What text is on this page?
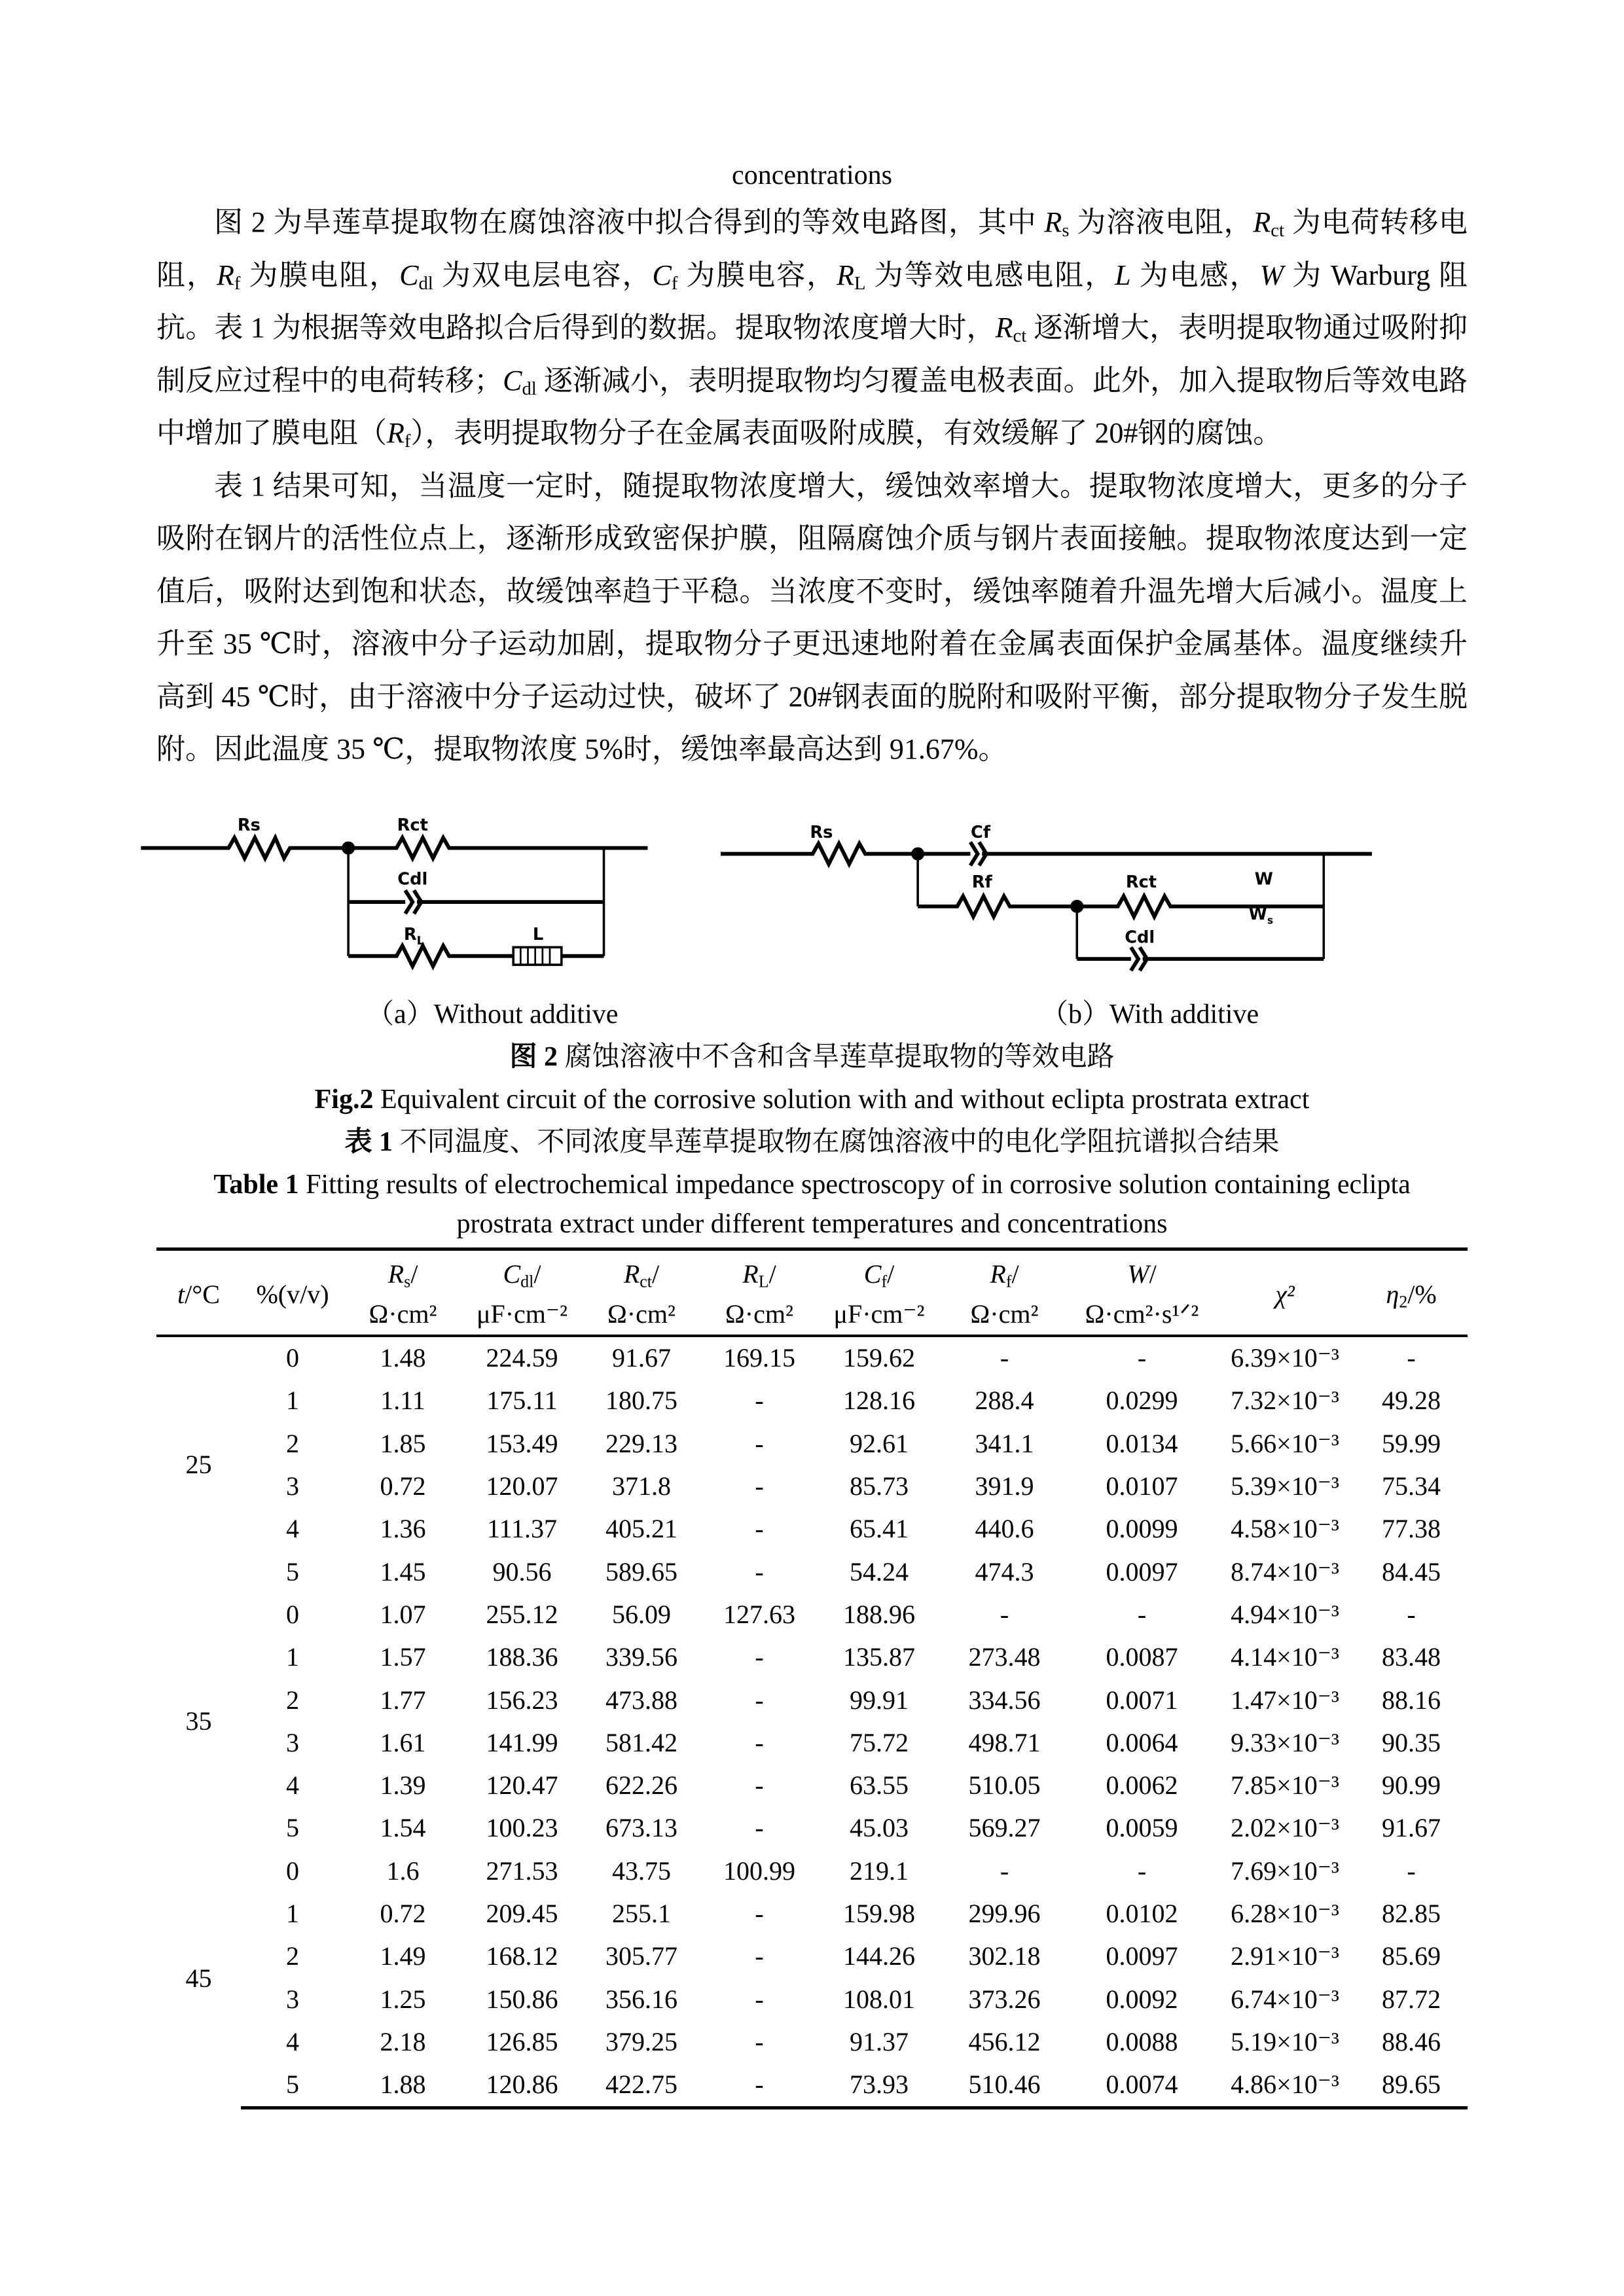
concentrations
图 2 为旱莲草提取物在腐蚀溶液中拟合得到的等效电路图，其中 $R_s$ 为溶液电阻，$R_{ct}$ 为电荷转移电阻，$R_f$ 为膜电阻，$C_{dl}$ 为双电层电容，$C_f$ 为膜电容，$R_L$ 为等效电感电阻，L 为电感，W 为 Warburg 阻抗。表 1 为根据等效电路拟合后得到的数据。提取物浓度增大时，$R_{ct}$ 逐渐增大，表明提取物通过吸附抑制反应过程中的电荷转移；$C_{dl}$ 逐渐减小，表明提取物均匀覆盖电极表面。此外，加入提取物后等效电路中增加了膜电阻$(R_f)$，表明提取物分子在金属表面吸附成膜，有效缓解了 20#钢的腐蚀。
表 1 结果可知，当温度一定时，随提取物浓度增大，缓蚀效率增大。提取物浓度增大，更多的分子吸附在钢片的活性位点上，逐渐形成致密保护膜，阻隔腐蚀介质与钢片表面接触。提取物浓度达到一定值后，吸附达到饱和状态，故缓蚀率趋于平稳。当浓度不变时，缓蚀率随着升温先增大后减小。温度上升至 35 ℃时，溶液中分子运动加剧，提取物分子更迅速地附着在金属表面保护金属基体。温度继续升高到 45 ℃时，由于溶液中分子运动过快，破坏了 20#钢表面的脱附和吸附平衡，部分提取物分子发生脱附。因此温度 35 ℃，提取物浓度 5%时，缓蚀率最高达到 91.67%。
Rs	Rct
Cdl
$R_L$	L
Rs	Cf
Rf	Rct	W
Cdl
$W_s$
（a）Without additive	（b）With additive
图 2 腐蚀溶液中不含和含旱莲草提取物的等效电路
Fig.2 Equivalent circuit of the corrosive solution with and without eclipta prostrata extract
表 1 不同温度、不同浓度旱莲草提取物在腐蚀溶液中的电化学阻抗谱拟合结果
Table 1 Fitting results of electrochemical impedance spectroscopy of in corrosive solution containing eclipta
prostrata extract under different temperatures and concentrations
t/°C	%(v/v)	$R_s/$	$C_{dl}/$	$R_{ct}/$	$R_L/$	$C_f/$	$R_f/$	W/	χ²	$\eta_2/\%$
		Ω·cm²	μF·cm⁻²	Ω·cm²	Ω·cm²	μF·cm⁻²	Ω·cm²	Ω·cm²·s¹ᐟ²		
25	0	1.48	224.59	91.67	169.15	159.62	-	-	6.39×10⁻³	-
	1	1.11	175.11	180.75	-	128.16	288.4	0.0299	7.32×10⁻³	49.28
	2	1.85	153.49	229.13	-	92.61	341.1	0.0134	5.66×10⁻³	59.99
	3	0.72	120.07	371.8	-	85.73	391.9	0.0107	5.39×10⁻³	75.34
	4	1.36	111.37	405.21	-	65.41	440.6	0.0099	4.58×10⁻³	77.38
	5	1.45	90.56	589.65	-	54.24	474.3	0.0097	8.74×10⁻³	84.45
35	0	1.07	255.12	56.09	127.63	188.96	-	-	4.94×10⁻³	-
	1	1.57	188.36	339.56	-	135.87	273.48	0.0087	4.14×10⁻³	83.48
	2	1.77	156.23	473.88	-	99.91	334.56	0.0071	1.47×10⁻³	88.16
	3	1.61	141.99	581.42	-	75.72	498.71	0.0064	9.33×10⁻³	90.35
	4	1.39	120.47	622.26	-	63.55	510.05	0.0062	7.85×10⁻³	90.99
	5	1.54	100.23	673.13	-	45.03	569.27	0.0059	2.02×10⁻³	91.67
45	0	1.6	271.53	43.75	100.99	219.1	-	-	7.69×10⁻³	-
	1	0.72	209.45	255.1	-	159.98	299.96	0.0102	6.28×10⁻³	82.85
	2	1.49	168.12	305.77	-	144.26	302.18	0.0097	2.91×10⁻³	85.69
	3	1.25	150.86	356.16	-	108.01	373.26	0.0092	6.74×10⁻³	87.72
	4	2.18	126.85	379.25	-	91.37	456.12	0.0088	5.19×10⁻³	88.46
	5	1.88	120.86	422.75	-	73.93	510.46	0.0074	4.86×10⁻³	89.65
